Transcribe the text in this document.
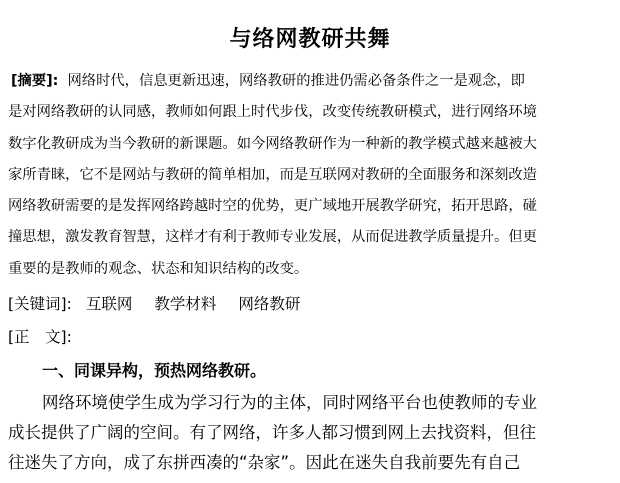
与络网教研共舞
[摘要]: 网络时代，信息更新迅速，网络教研的推进仍需必备条件之一是观念，即
是对网络教研的认同感，教师如何跟上时代步伐，改变传统教研模式，进行网络环境
数字化教研成为当今教研的新课题。如今网络教研作为一种新的教学模式越来越被大
家所青睐，它不是网站与教研的简单相加，而是互联网对教研的全面服务和深刻改造
网络教研需要的是发挥网络跨越时空的优势，更广域地开展教学研究，拓开思路，碰
撞思想，激发教育智慧，这样才有利于教师专业发展，从而促进教学质量提升。但更
重要的是教师的观念、状态和知识结构的改变。
[关键词]: 互联网 教学材料 网络教研
[正　文]:
一、同课异构，预热网络教研。
网络环境使学生成为学习行为的主体，同时网络平台也使教师的专业
成长提供了广阔的空间。有了网络，许多人都习惯到网上去找资料，但往
往迷失了方向，成了东拼西凑的“杂家”。因此在迷失自我前要先有自己
